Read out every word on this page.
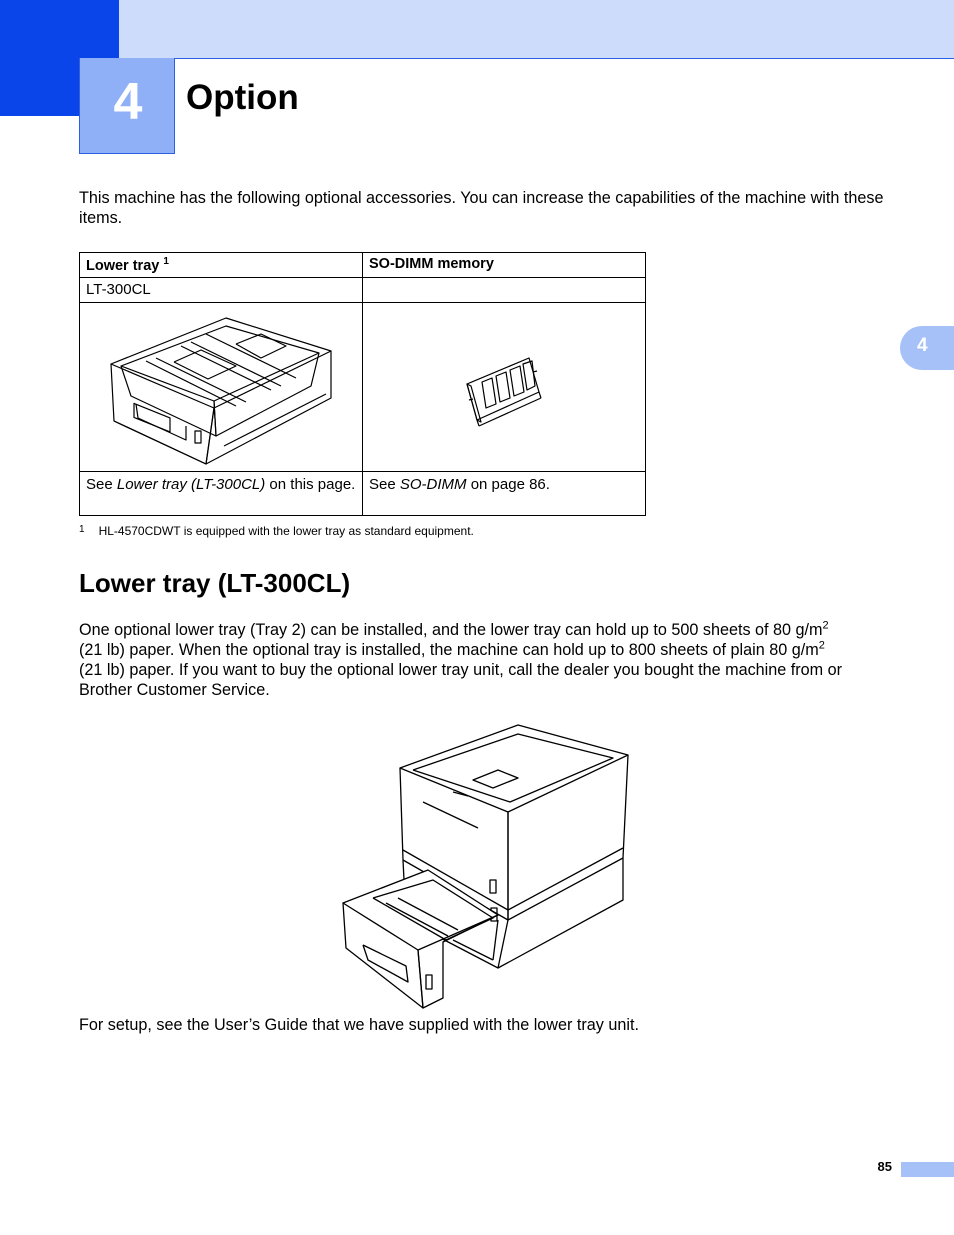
4	Option
4

This machine has the following optional accessories. You can increase the capabilities of the machine with these items.

Lower tray $^1$	SO-DIMM memory
LT-300CL	

See Lower tray (LT-300CL) on this page.	See SO-DIMM on page 86.
$^1$ HL-4570CDWT is equipped with the lower tray as standard equipment.
Lower tray (LT-300CL)

One optional lower tray (Tray 2) can be installed, and the lower tray can hold up to 500 sheets of 80 $g/m^2$
(21 lb) paper. When the optional tray is installed, the machine can hold up to 800 sheets of plain 80 $g/m^2$
(21 lb) paper. If you want to buy the optional lower tray unit, call the dealer you bought the machine from or
Brother Customer Service.

For setup, see the User’s Guide that we have supplied with the lower tray unit.

85
